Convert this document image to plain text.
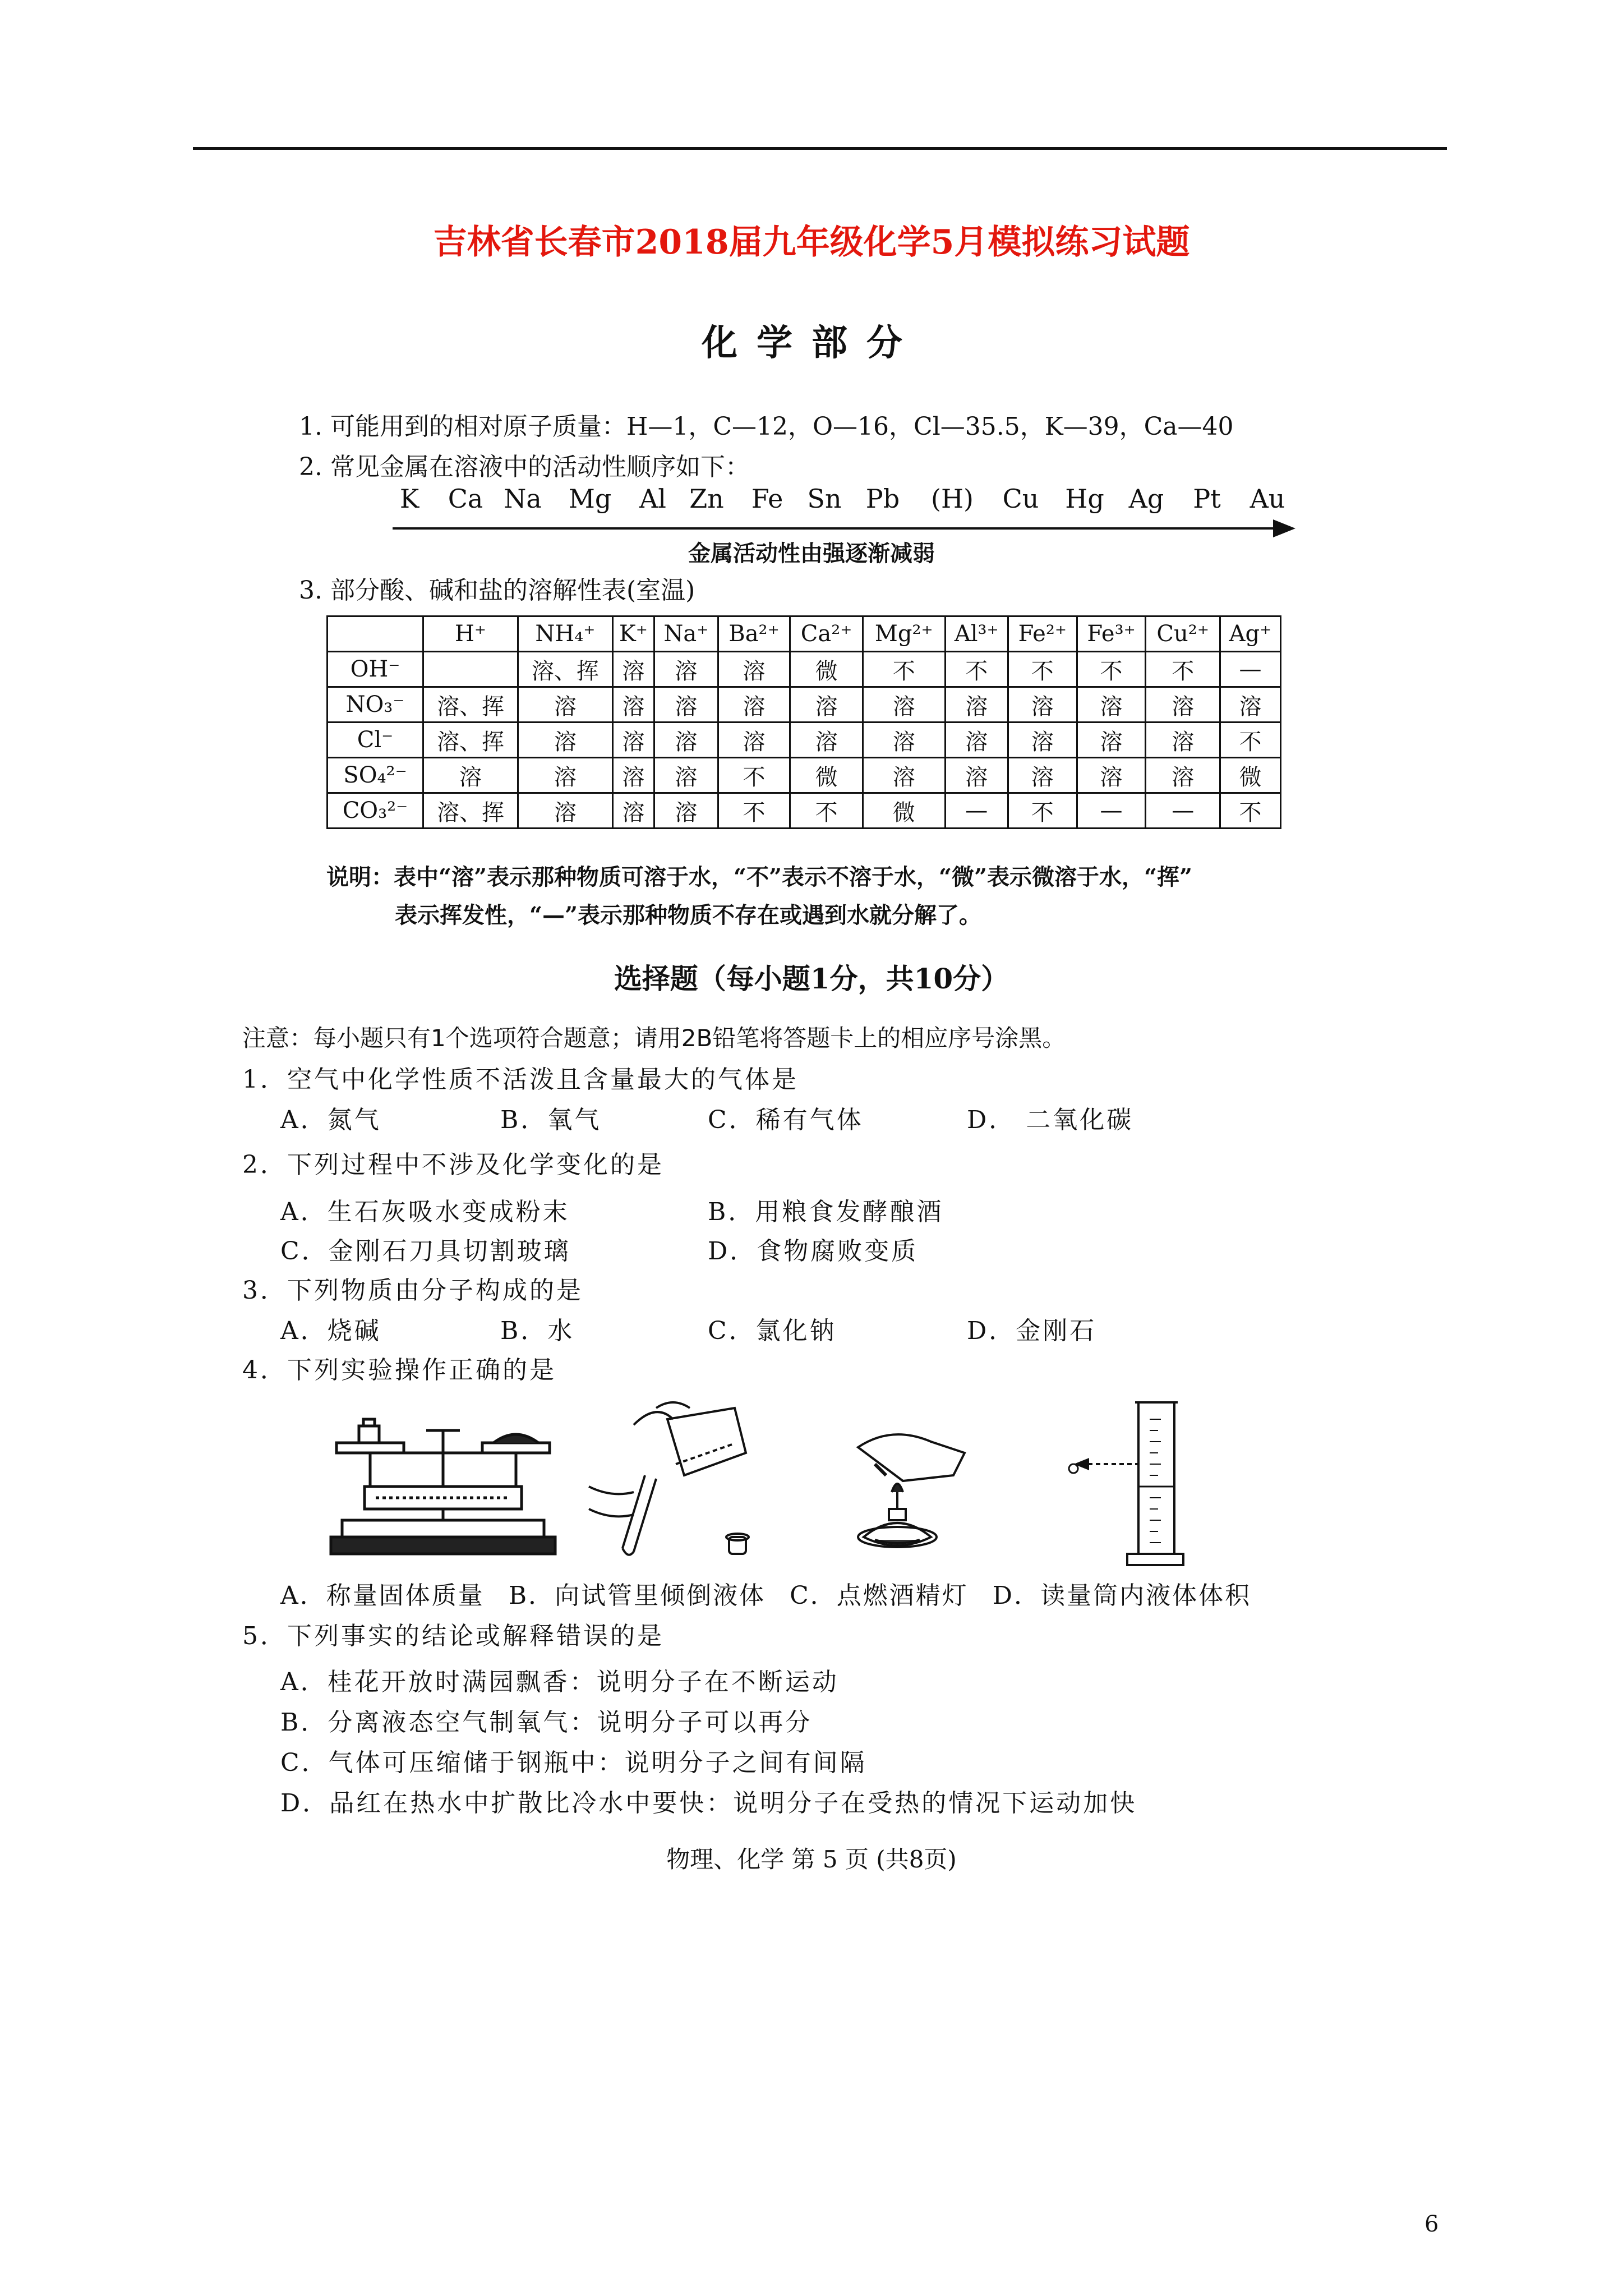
吉林省长春市2018届九年级化学5月模拟练习试题
化学部分
1. 可能用到的相对原子质量：H—1，C—12，O—16，Cl—35.5，K—39，Ca—40
2. 常见金属在溶液中的活动性顺序如下：
K Ca Na Mg Al Zn Fe Sn Pb (H) Cu Hg Ag Pt Au
金属活动性由强逐渐减弱
3. 部分酸、碱和盐的溶解性表(室温)
	H⁺	NH₄⁺	K⁺	Na⁺	Ba²⁺	Ca²⁺	Mg²⁺	Al³⁺	Fe²⁺	Fe³⁺	Cu²⁺	Ag⁺
OH⁻		溶、挥	溶	溶	溶	微	不	不	不	不	不	—
NO₃⁻	溶、挥	溶	溶	溶	溶	溶	溶	溶	溶	溶	溶	溶
Cl⁻	溶、挥	溶	溶	溶	溶	溶	溶	溶	溶	溶	溶	不
SO₄²⁻	溶	溶	溶	溶	不	微	溶	溶	溶	溶	溶	微
CO₃²⁻	溶、挥	溶	溶	溶	不	不	微	—	不	—	—	不
说明：表中“溶”表示那种物质可溶于水，“不”表示不溶于水，“微”表示微溶于水，“挥”
表示挥发性，“—”表示那种物质不存在或遇到水就分解了。
选择题（每小题1分，共10分）
注意：每小题只有1个选项符合题意；请用2B铅笔将答题卡上的相应序号涂黑。
1．空气中化学性质不活泼且含量最大的气体是
A．氮气	B．氧气	C．稀有气体	D． 二氧化碳
2．下列过程中不涉及化学变化的是
A．生石灰吸水变成粉末	B．用粮食发酵酿酒
C．金刚石刀具切割玻璃	D．食物腐败变质
3．下列物质由分子构成的是
A．烧碱	B．水	C．氯化钠	D．金刚石
4．下列实验操作正确的是
A．称量固体质量 B．向试管里倾倒液体 C．点燃酒精灯 D．读量筒内液体体积
5．下列事实的结论或解释错误的是
A．桂花开放时满园飘香：说明分子在不断运动
B．分离液态空气制氧气：说明分子可以再分
C．气体可压缩储于钢瓶中：说明分子之间有间隔
D．品红在热水中扩散比冷水中要快：说明分子在受热的情况下运动加快
物理、化学 第 5 页 (共8页)
6
